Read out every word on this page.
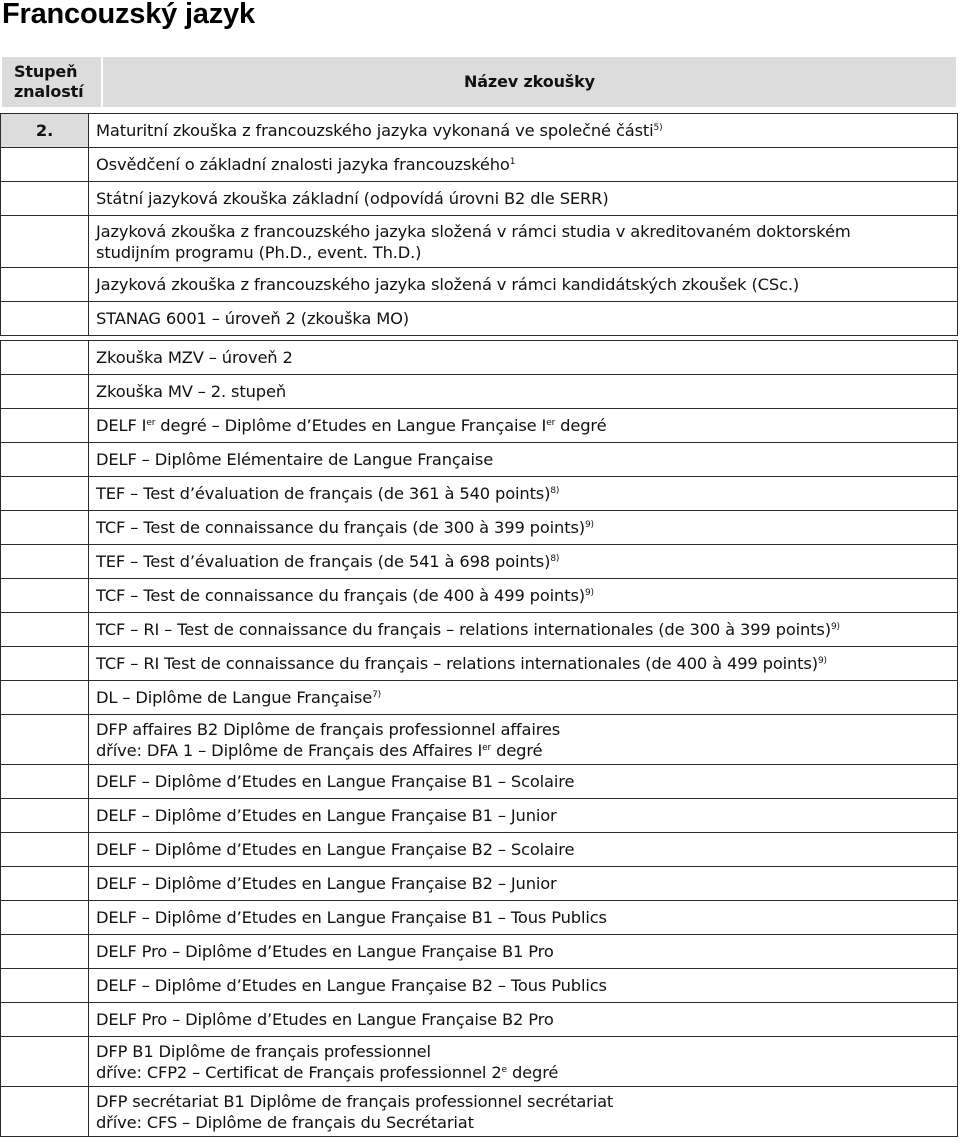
Francouzský jazyk
Stupeň
znalostí
	Název zkoušky
2.	Maturitní zkouška z francouzského jazyka vykonaná ve společné části$^{5)}$
	Osvědčení o základní znalosti jazyka francouzského$^1$
	Státní jazyková zkouška základní (odpovídá úrovni B2 dle SERR)

	Jazyková zkouška z francouzského jazyka složená v rámci studia v akreditovaném doktorském
studijním programu (Ph.D., event. Th.D.)

	Jazyková zkouška z francouzského jazyka složená v rámci kandidátských zkoušek (CSc.)
	STANAG 6001 – úroveň 2 (zkouška MO)
	Zkouška MZV – úroveň 2
	Zkouška MV – 2. stupeň
	DELF Ier degré – Diplôme d’Etudes en Langue Française Ier degré
	DELF – Diplôme Elémentaire de Langue Française
	TEF – Test d’évaluation de français (de 361 à 540 points)$^{8)}$
	TCF – Test de connaissance du français (de 300 à 399 points)$^{9)}$
	TEF – Test d’évaluation de français (de 541 à 698 points)$^{8)}$
	TCF – Test de connaissance du français (de 400 à 499 points)$^{9)}$
	TCF – RI – Test de connaissance du français – relations internationales (de 300 à 399 points)$^{9)}$
	TCF – RI Test de connaissance du français – relations internationales (de 400 à 499 points)$^{9)}$
	DL – Diplôme de Langue Française$^{7)}$

	DFP affaires B2 Diplôme de français professionnel affaires
dříve: DFA 1 – Diplôme de Français des Affaires Ier degré

	DELF – Diplôme d’Etudes en Langue Française B1 – Scolaire
	DELF – Diplôme d’Etudes en Langue Française B1 – Junior
	DELF – Diplôme d’Etudes en Langue Française B2 – Scolaire
	DELF – Diplôme d’Etudes en Langue Française B2 – Junior
	DELF – Diplôme d’Etudes en Langue Française B1 – Tous Publics
	DELF Pro – Diplôme d’Etudes en Langue Française B1 Pro
	DELF – Diplôme d’Etudes en Langue Française B2 – Tous Publics
	DELF Pro – Diplôme d’Etudes en Langue Française B2 Pro

	DFP B1 Diplôme de français professionnel
dříve: CFP2 – Certificat de Français professionnel 2e degré

	DFP secrétariat B1 Diplôme de français professionnel secrétariat
dříve: CFS – Diplôme de français du Secrétariat
